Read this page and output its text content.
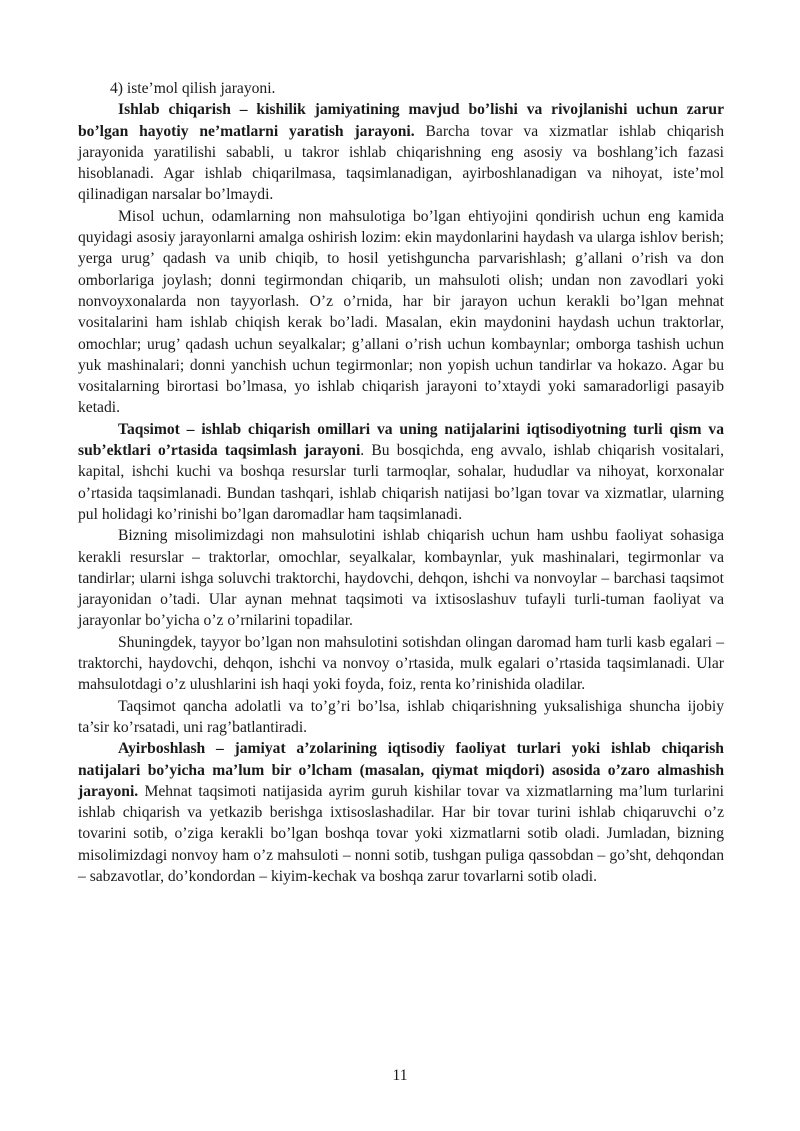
4) iste’mol qilish jarayoni.

Ishlab chiqarish – kishilik jamiyatining mavjud bo’lishi va rivojlanishi uchun zarur bo’lgan hayotiy ne’matlarni yaratish jarayoni. Barcha tovar va xizmatlar ishlab chiqarish jarayonida yaratilishi sababli, u takror ishlab chiqarishning eng asosiy va boshlang’ich fazasi hisoblanadi. Agar ishlab chiqarilmasa, taqsimlanadigan, ayirboshlanadigan va nihoyat, iste’mol qilinadigan narsalar bo’lmaydi.

Misol uchun, odamlarning non mahsulotiga bo’lgan ehtiyojini qondirish uchun eng kamida quyidagi asosiy jarayonlarni amalga oshirish lozim: ekin maydonlarini haydash va ularga ishlov berish; yerga urug’ qadash va unib chiqib, to hosil yetishguncha parvarishlash; g’allani o’rish va don omborlariga joylash; donni tegirmondan chiqarib, un mahsuloti olish; undan non zavodlari yoki nonvoyxonalarda non tayyorlash. O’z o’rnida, har bir jarayon uchun kerakli bo’lgan mehnat vositalarini ham ishlab chiqish kerak bo’ladi. Masalan, ekin maydonini haydash uchun traktorlar, omochlar; urug’ qadash uchun seyalkalar; g’allani o’rish uchun kombaynlar; omborga tashish uchun yuk mashinalari; donni yanchish uchun tegirmonlar; non yopish uchun tandirlar va hokazo. Agar bu vositalarning birortasi bo’lmasa, yo ishlab chiqarish jarayoni to’xtaydi yoki samaradorligi pasayib ketadi.

Taqsimot – ishlab chiqarish omillari va uning natijalarini iqtisodiyotning turli qism va sub’ektlari o’rtasida taqsimlash jarayoni. Bu bosqichda, eng avvalo, ishlab chiqarish vositalari, kapital, ishchi kuchi va boshqa resurslar turli tarmoqlar, sohalar, hududlar va nihoyat, korxonalar o’rtasida taqsimlanadi. Bundan tashqari, ishlab chiqarish natijasi bo’lgan tovar va xizmatlar, ularning pul holidagi ko’rinishi bo’lgan daromadlar ham taqsimlanadi.

Bizning misolimizdagi non mahsulotini ishlab chiqarish uchun ham ushbu faoliyat sohasiga kerakli resurslar – traktorlar, omochlar, seyalkalar, kombaynlar, yuk mashinalari, tegirmonlar va tandirlar; ularni ishga soluvchi traktorchi, haydovchi, dehqon, ishchi va nonvoylar – barchasi taqsimot jarayonidan o’tadi. Ular aynan mehnat taqsimoti va ixtisoslashuv tufayli turli-tuman faoliyat va jarayonlar bo’yicha o’z o’rnilarini topadilar.

Shuningdek, tayyor bo’lgan non mahsulotini sotishdan olingan daromad ham turli kasb egalari – traktorchi, haydovchi, dehqon, ishchi va nonvoy o’rtasida, mulk egalari o’rtasida taqsimlanadi. Ular mahsulotdagi o’z ulushlarini ish haqi yoki foyda, foiz, renta ko’rinishida oladilar.

Taqsimot qancha adolatli va to’g’ri bo’lsa, ishlab chiqarishning yuksalishiga shuncha ijobiy ta’sir ko’rsatadi, uni rag’batlantiradi.

Ayirboshlash – jamiyat a’zolarining iqtisodiy faoliyat turlari yoki ishlab chiqarish natijalari bo’yicha ma’lum bir o’lcham (masalan, qiymat miqdori) asosida o’zaro almashish jarayoni. Mehnat taqsimoti natijasida ayrim guruh kishilar tovar va xizmatlarning ma’lum turlarini ishlab chiqarish va yetkazib berishga ixtisoslashadilar. Har bir tovar turini ishlab chiqaruvchi o’z tovarini sotib, o’ziga kerakli bo’lgan boshqa tovar yoki xizmatlarni sotib oladi. Jumladan, bizning misolimizdagi nonvoy ham o’z mahsuloti – nonni sotib, tushgan puliga qassobdan – go’sht, dehqondan – sabzavotlar, do’kondordan – kiyim-kechak va boshqa zarur tovarlarni sotib oladi.

11
